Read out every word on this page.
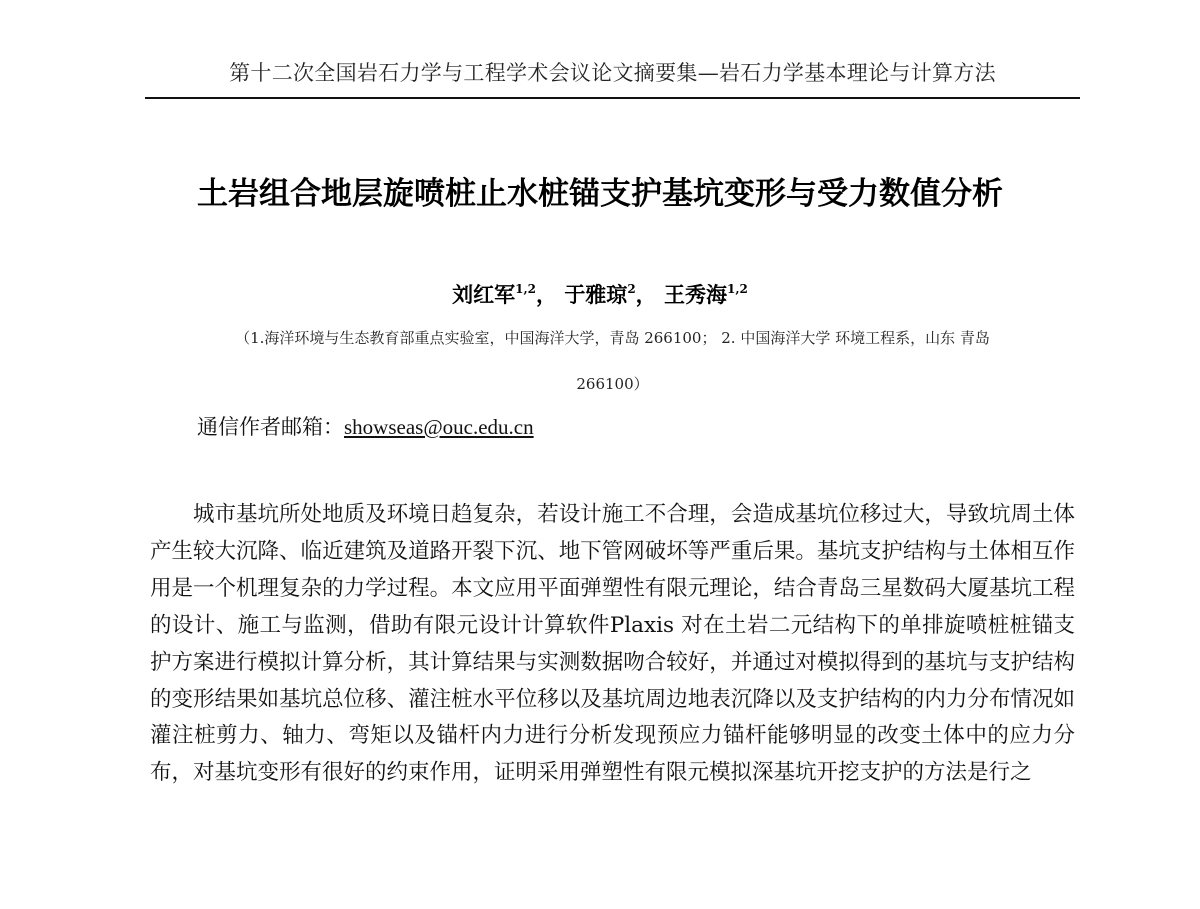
第十二次全国岩石力学与工程学术会议论文摘要集—岩石力学基本理论与计算方法
土岩组合地层旋喷桩止水桩锚支护基坑变形与受力数值分析
刘红军$^{1,2}$， 于雅琼$^2$， 王秀海$^{1,2}$
（1.海洋环境与生态教育部重点实验室，中国海洋大学，青岛 266100； 2. 中国海洋大学 环境工程系，山东 青岛
266100）
通信作者邮箱：showseas@ouc.edu.cn

城市基坑所处地质及环境日趋复杂，若设计施工不合理，会造成基坑位移过大，导致坑周土体产生较大沉降、临近建筑及道路开裂下沉、地下管网破坏等严重后果。基坑支护结构与土体相互作用是一个机理复杂的力学过程。本文应用平面弹塑性有限元理论，结合青岛三星数码大厦基坑工程的设计、施工与监测，借助有限元设计计算软件Plaxis 对在土岩二元结构下的单排旋喷桩桩锚支护方案进行模拟计算分析，其计算结果与实测数据吻合较好，并通过对模拟得到的基坑与支护结构的变形结果如基坑总位移、灌注桩水平位移以及基坑周边地表沉降以及支护结构的内力分布情况如灌注桩剪力、轴力、弯矩以及锚杆内力进行分析发现预应力锚杆能够明显的改变土体中的应力分布，对基坑变形有很好的约束作用，证明采用弹塑性有限元模拟深基坑开挖支护的方法是行之
